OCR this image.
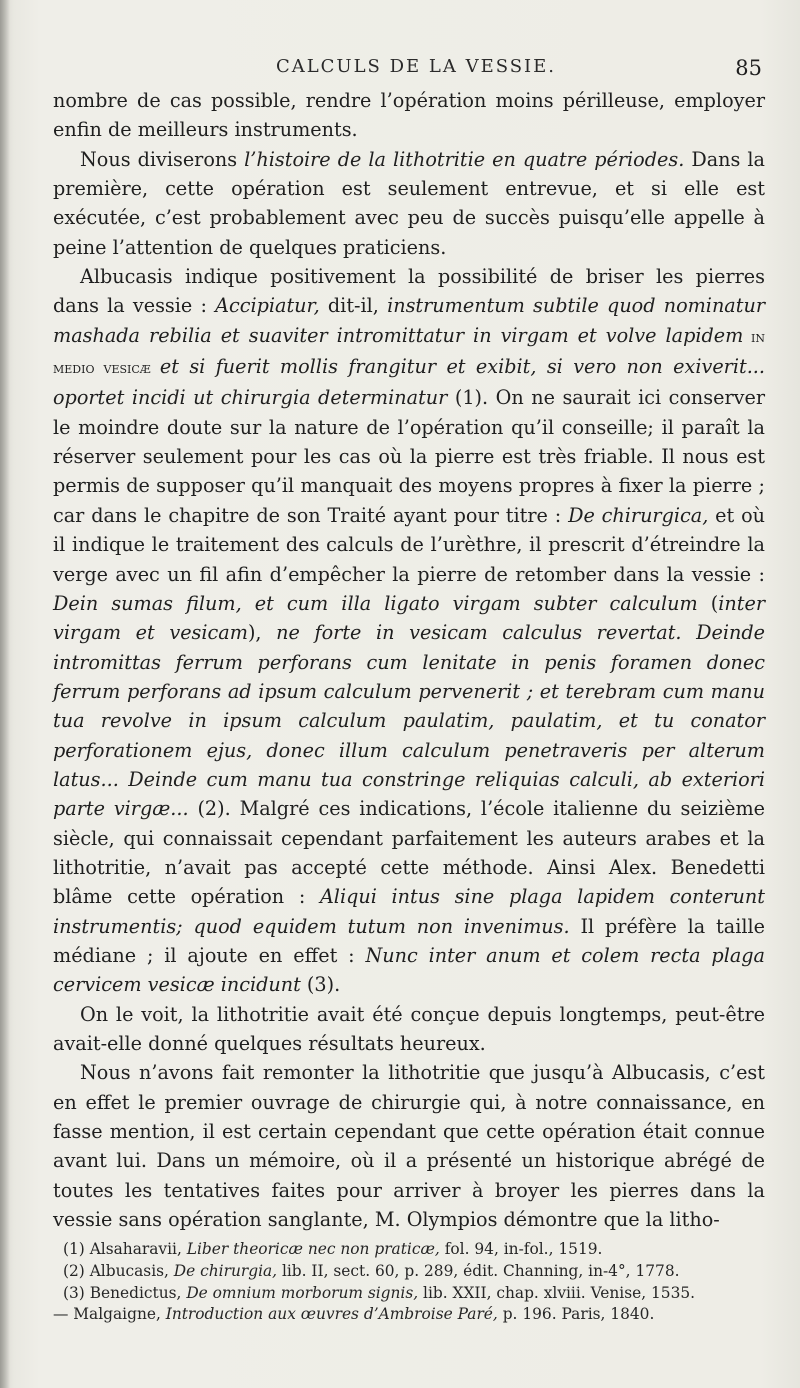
CALCULS DE LA VESSIE.	85

nombre de cas possible, rendre l’opération moins périlleuse, employer enfin de meilleurs instruments.

Nous diviserons l’histoire de la lithotritie en quatre périodes. Dans la première, cette opération est seulement entrevue, et si elle est exécutée, c’est probablement avec peu de succès puisqu’elle appelle à peine l’attention de quelques praticiens.

Albucasis indique positivement la possibilité de briser les pierres dans la vessie : Accipiatur, dit-il, instrumentum subtile quod nominatur mashada rebilia et suaviter intromittatur in virgam et volve lapidem in medio vesicæ et si fuerit mollis frangitur et exibit, si vero non exiverit... oportet incidi ut chirurgia determinatur (1). On ne saurait ici conserver le moindre doute sur la nature de l’opération qu’il conseille; il paraît la réserver seulement pour les cas où la pierre est très friable. Il nous est permis de supposer qu’il manquait des moyens propres à fixer la pierre ; car dans le chapitre de son Traité ayant pour titre : De chirurgica, et où il indique le traitement des calculs de l’urèthre, il prescrit d’étreindre la verge avec un fil afin d’empêcher la pierre de retomber dans la vessie : Dein sumas filum, et cum illa ligato virgam subter calculum (inter virgam et vesicam), ne forte in vesicam calculus revertat. Deinde intromittas ferrum perforans cum lenitate in penis foramen donec ferrum perforans ad ipsum calculum pervenerit ; et terebram cum manu tua revolve in ipsum calculum paulatim, paulatim, et tu conator perforationem ejus, donec illum calculum penetraveris per alterum latus... Deinde cum manu tua constringe reliquias calculi, ab exteriori parte virgæ... (2). Malgré ces indications, l’école italienne du seizième siècle, qui connaissait cependant parfaitement les auteurs arabes et la lithotritie, n’avait pas accepté cette méthode. Ainsi Alex. Benedetti blâme cette opération : Aliqui intus sine plaga lapidem conterunt instrumentis; quod equidem tutum non invenimus. Il préfère la taille médiane ; il ajoute en effet : Nunc inter anum et colem recta plaga cervicem vesicæ incidunt (3).

On le voit, la lithotritie avait été conçue depuis longtemps, peut-être avait-elle donné quelques résultats heureux.

Nous n’avons fait remonter la lithotritie que jusqu’à Albucasis, c’est en effet le premier ouvrage de chirurgie qui, à notre connaissance, en fasse mention, il est certain cependant que cette opération était connue avant lui. Dans un mémoire, où il a présenté un historique abrégé de toutes les tentatives faites pour arriver à broyer les pierres dans la vessie sans opération sanglante, M. Olympios démontre que la litho-

(1) Alsaharavii, Liber theoricæ nec non praticæ, fol. 94, in-fol., 1519.

(2) Albucasis, De chirurgia, lib. II, sect. 60, p. 289, édit. Channing, in-4°, 1778.

(3) Benedictus, De omnium morborum signis, lib. XXII, chap. xlviii. Venise, 1535.

— Malgaigne, Introduction aux œuvres d’Ambroise Paré, p. 196. Paris, 1840.
